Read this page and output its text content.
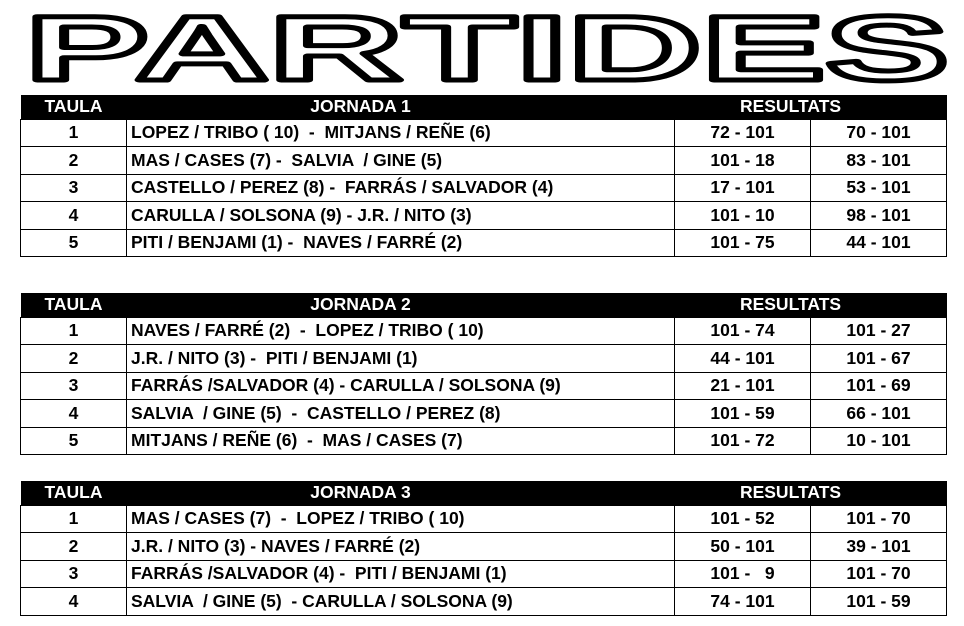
PARTIDES
TAULA	JORNADA 1	RESULTATS	
1	LOPEZ / TRIBO ( 10)  -  MITJANS / REÑE (6)	72 - 101	70 - 101
2	MAS / CASES (7) -  SALVIA  / GINE (5)	101 - 18	83 - 101
3	CASTELLO / PEREZ (8) -  FARRÁS / SALVADOR (4)	17 - 101	53 - 101
4	CARULLA / SOLSONA (9) - J.R. / NITO (3)	101 - 10	98 - 101
5	PITI / BENJAMI (1) -  NAVES / FARRÉ (2)	101 - 75	44 - 101
TAULA	JORNADA 2	RESULTATS	
1	NAVES / FARRÉ (2)  -  LOPEZ / TRIBO ( 10)	101 - 74	101 - 27
2	J.R. / NITO (3) -  PITI / BENJAMI (1)	44 - 101	101 - 67
3	FARRÁS /SALVADOR (4) - CARULLA / SOLSONA (9)	21 - 101	101 - 69
4	SALVIA  / GINE (5)  -  CASTELLO / PEREZ (8)	101 - 59	66 - 101
5	MITJANS / REÑE (6)  -  MAS / CASES (7)	101 - 72	10 - 101
TAULA	JORNADA 3	RESULTATS	
1	MAS / CASES (7)  -  LOPEZ / TRIBO ( 10)	101 - 52	101 - 70
2	J.R. / NITO (3) - NAVES / FARRÉ (2)	50 - 101	39 - 101
3	FARRÁS /SALVADOR (4) -  PITI / BENJAMI (1)	101 -   9	101 - 70
4	SALVIA  / GINE (5)  - CARULLA / SOLSONA (9)	74 - 101	101 - 59
